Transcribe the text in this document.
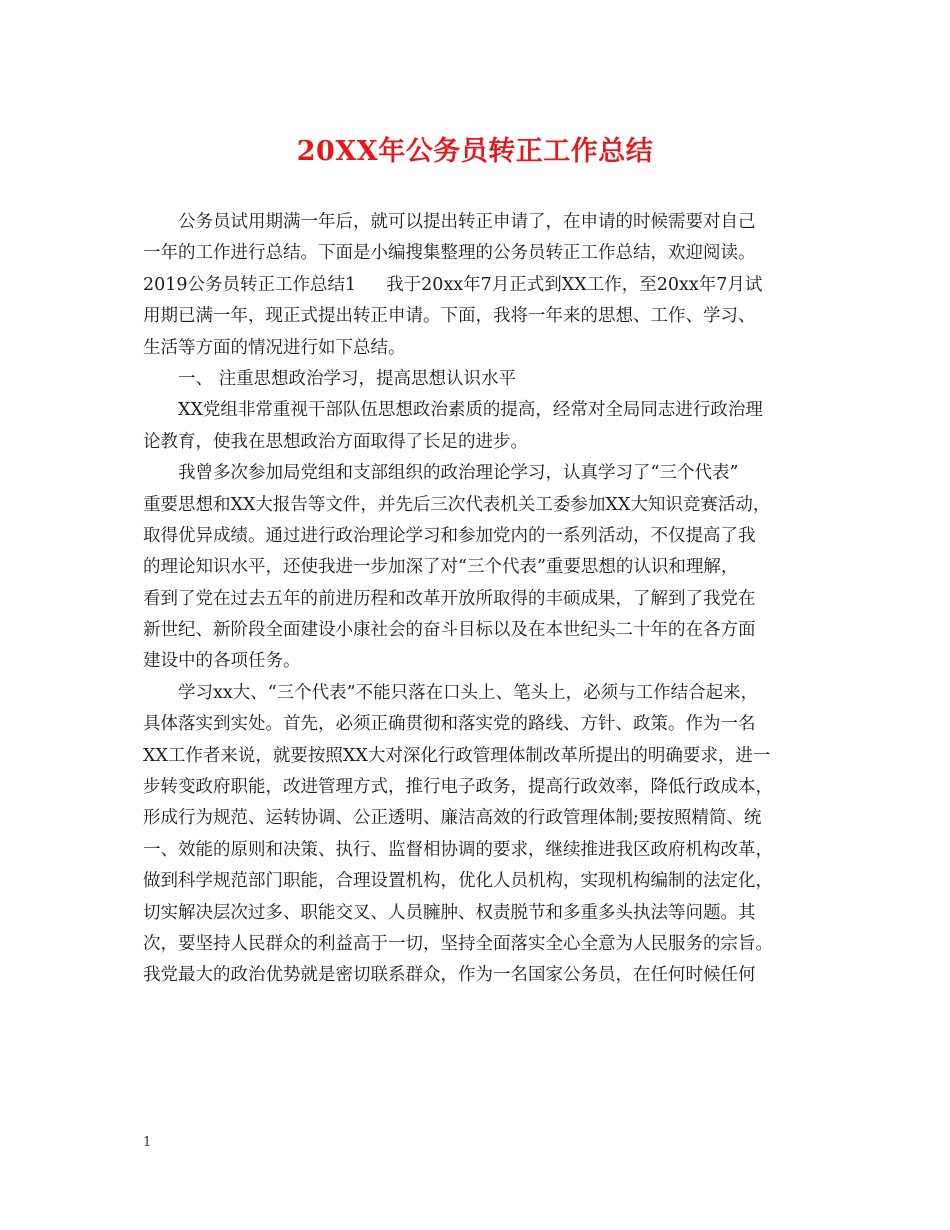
20XX年公务员转正工作总结
公务员试用期满一年后，就可以提出转正申请了，在申请的时候需要对自己
一年的工作进行总结。下面是小编搜集整理的公务员转正工作总结，欢迎阅读。
2019公务员转正工作总结1 我于20xx年7月正式到XX工作，至20xx年7月试
用期已满一年，现正式提出转正申请。下面，我将一年来的思想、工作、学习、
生活等方面的情况进行如下总结。
一、 注重思想政治学习，提高思想认识水平
XX党组非常重视干部队伍思想政治素质的提高，经常对全局同志进行政治理
论教育，使我在思想政治方面取得了长足的进步。
我曾多次参加局党组和支部组织的政治理论学习，认真学习了“三个代表”
重要思想和XX大报告等文件，并先后三次代表机关工委参加XX大知识竞赛活动，
取得优异成绩。通过进行政治理论学习和参加党内的一系列活动，不仅提高了我
的理论知识水平，还使我进一步加深了对“三个代表”重要思想的认识和理解，
看到了党在过去五年的前进历程和改革开放所取得的丰硕成果，了解到了我党在
新世纪、新阶段全面建设小康社会的奋斗目标以及在本世纪头二十年的在各方面
建设中的各项任务。
学习xx大、“三个代表”不能只落在口头上、笔头上，必须与工作结合起来，
具体落实到实处。首先，必须正确贯彻和落实党的路线、方针、政策。作为一名
XX工作者来说，就要按照XX大对深化行政管理体制改革所提出的明确要求，进一
步转变政府职能，改进管理方式，推行电子政务，提高行政效率，降低行政成本，
形成行为规范、运转协调、公正透明、廉洁高效的行政管理体制;要按照精简、统
一、效能的原则和决策、执行、监督相协调的要求，继续推进我区政府机构改革，
做到科学规范部门职能，合理设置机构，优化人员机构，实现机构编制的法定化，
切实解决层次过多、职能交叉、人员臃肿、权责脱节和多重多头执法等问题。其
次，要坚持人民群众的利益高于一切，坚持全面落实全心全意为人民服务的宗旨。
我党最大的政治优势就是密切联系群众，作为一名国家公务员，在任何时候任何
1
